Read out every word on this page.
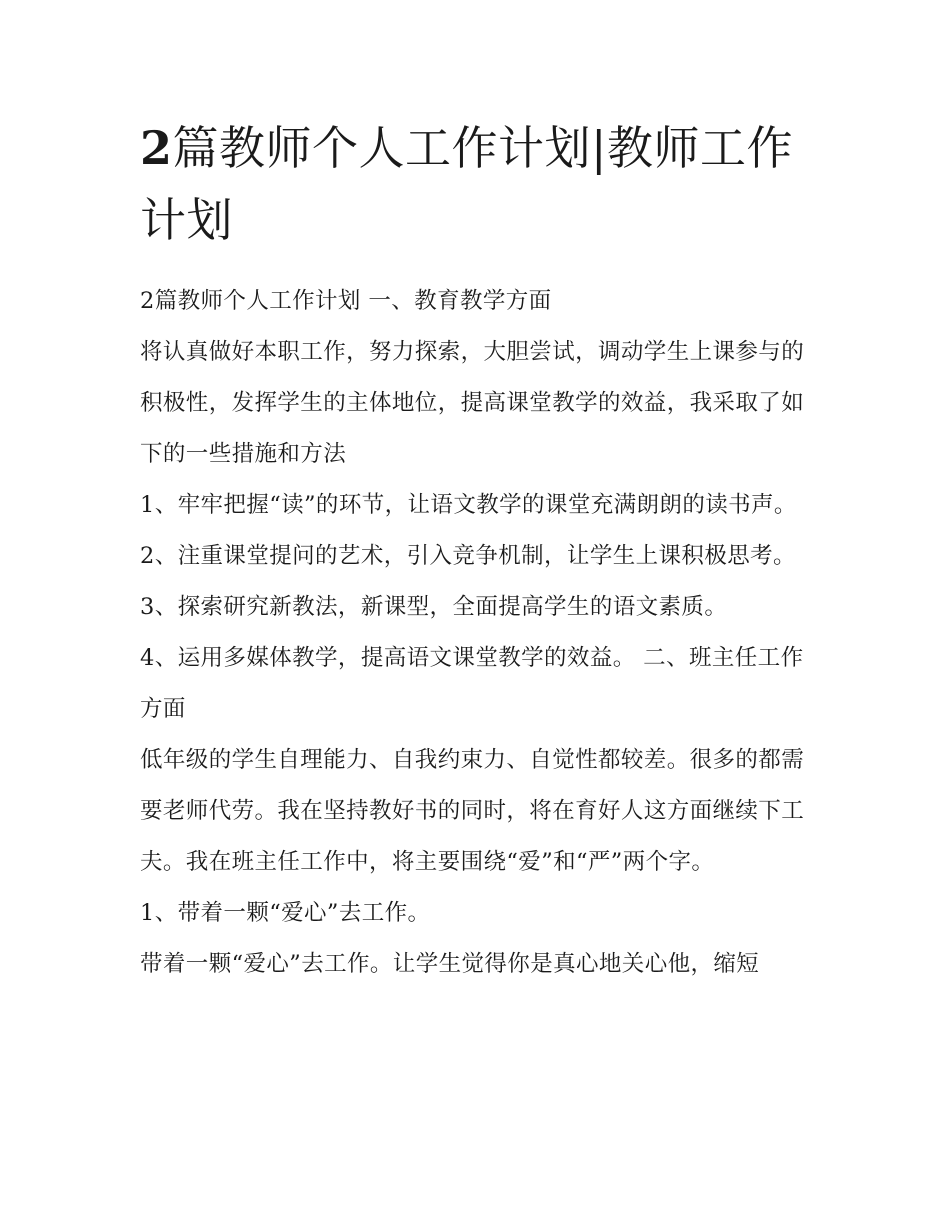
2篇教师个人工作计划|教师工作计划

2篇教师个人工作计划 一、教育教学方面

将认真做好本职工作，努力探索，大胆尝试，调动学生上课参与的积极性，发挥学生的主体地位，提高课堂教学的效益，我采取了如下的一些措施和方法

1、牢牢把握“读”的环节，让语文教学的课堂充满朗朗的读书声。 2、注重课堂提问的艺术，引入竞争机制，让学生上课积极思考。

3、探索研究新教法，新课型，全面提高学生的语文素质。

4、运用多媒体教学，提高语文课堂教学的效益。 二、班主任工作方面

低年级的学生自理能力、自我约束力、自觉性都较差。很多的都需要老师代劳。我在坚持教好书的同时，将在育好人这方面继续下工夫。我在班主任工作中，将主要围绕“爱”和“严”两个字。

1、带着一颗“爱心”去工作。

带着一颗“爱心”去工作。让学生觉得你是真心地关心他，缩短
